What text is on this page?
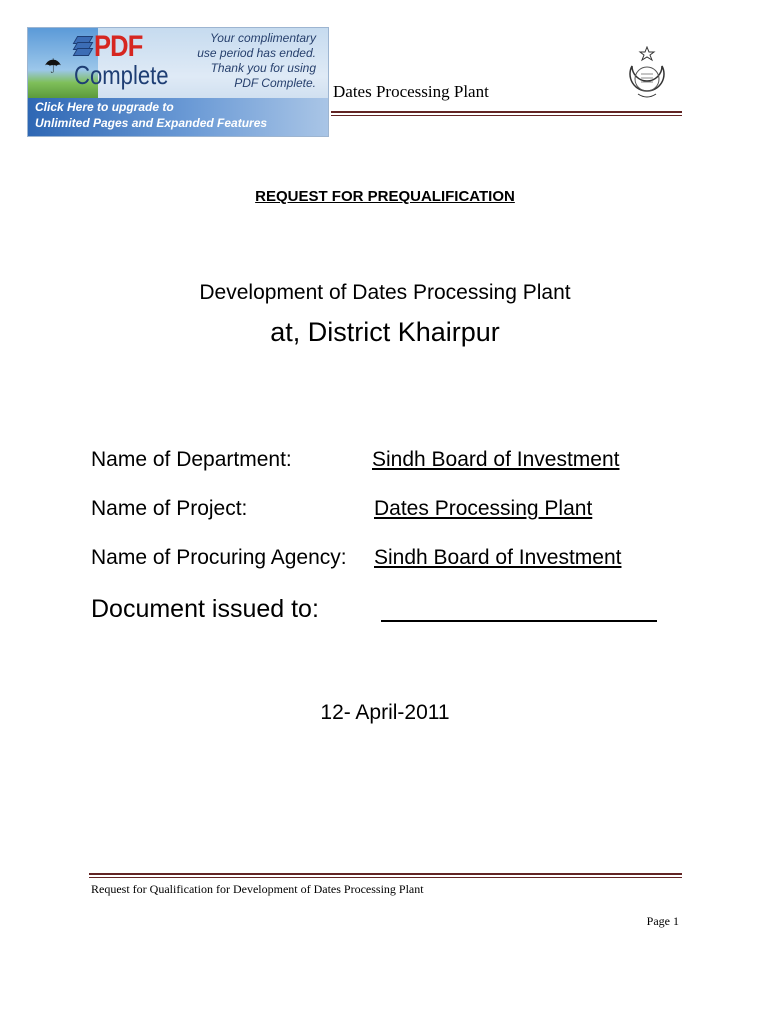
☂
PDF
Complete
Your complimentary
use period has ended.
Thank you for using
PDF Complete.
Click Here to upgrade to
Unlimited Pages and Expanded Features
Dates Processing Plant
REQUEST FOR PREQUALIFICATION
Development of Dates Processing Plant
at, District Khairpur
Name of Department:	Sindh Board of Investment
Name of Project:	Dates Processing Plant
Name of Procuring Agency: Sindh Board of Investment
Document issued to:
12- April-2011
Request for Qualification for Development of Dates Processing Plant
Page 1
